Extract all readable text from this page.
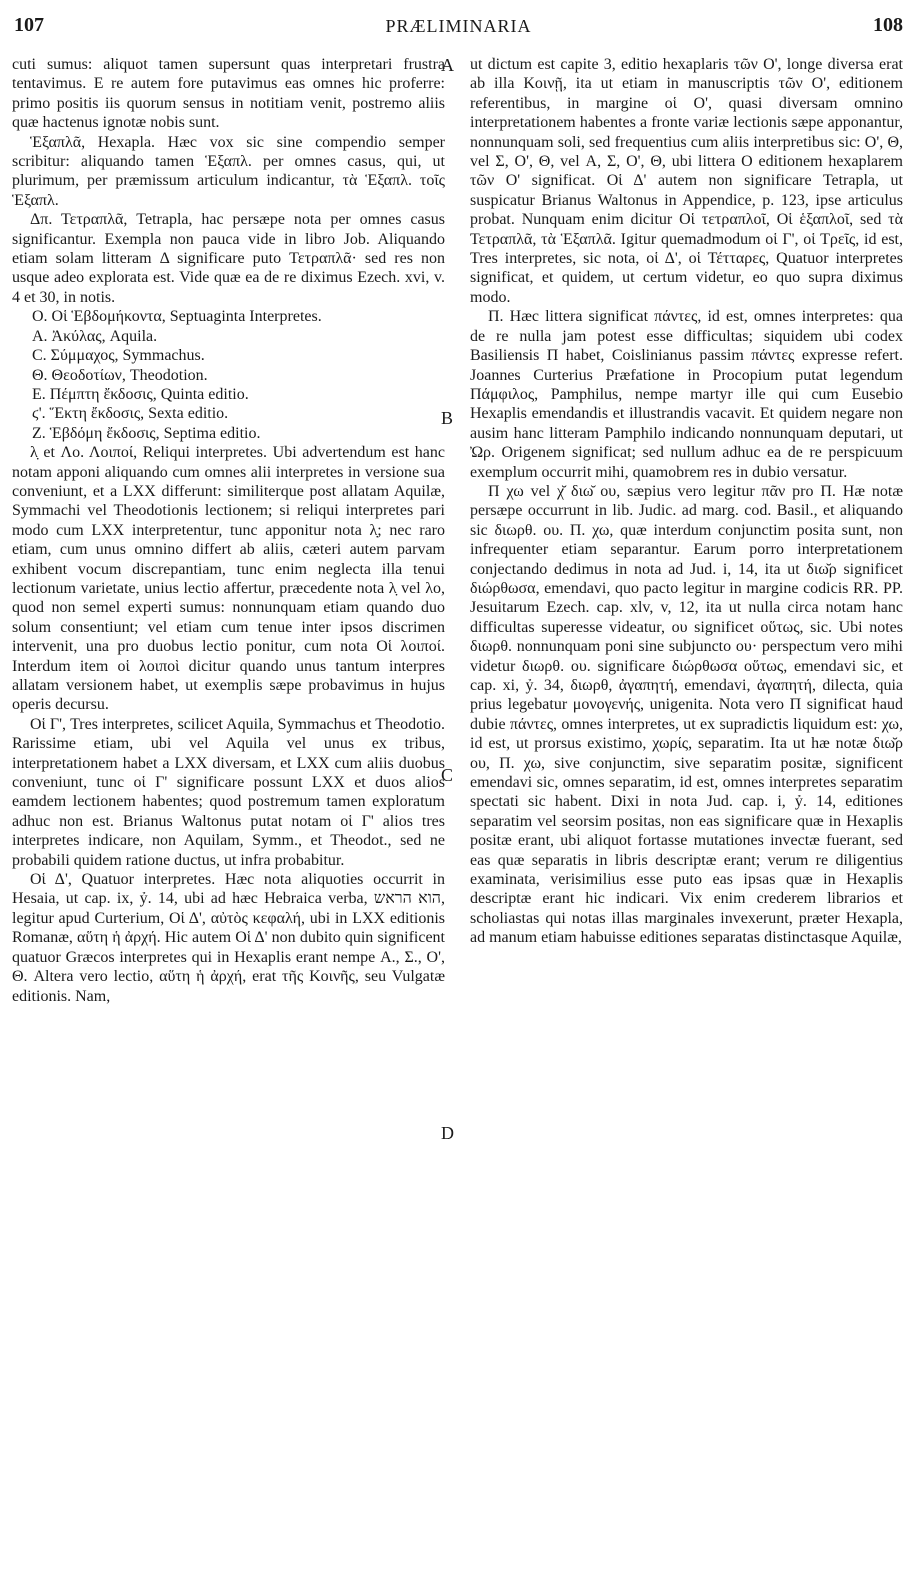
107	PRÆLIMINARIA	108

cuti sumus: aliquot tamen supersunt quas interpretari frustra tentavimus. E re autem fore putavimus eas omnes hic proferre: primo positis iis quorum sensus in notitiam venit, postremo aliis quæ hactenus ignotæ nobis sunt.

Ἑξαπλᾶ, Hexapla. Hæc vox sic sine compendio semper scribitur: aliquando tamen Ἑξαπλ. per omnes casus, qui, ut plurimum, per præmissum articulum indicantur, τὰ Ἑξαπλ. τοῖς Ἑξαπλ.

Δπ. Τετραπλᾶ, Tetrapla, hac persæpe nota per omnes casus significantur. Exempla non pauca vide in libro Job. Aliquando etiam solam litteram Δ significare puto Τετραπλᾶ· sed res non usque adeo explorata est. Vide quæ ea de re diximus Ezech. xvi, v. 4 et 30, in notis.

Ο. Οἱ Ἑβδομήκοντα, Septuaginta Interpretes.

Α. Ἀκύλας, Aquila.

C. Σύμμαχος, Symmachus.

Θ. Θεοδοτίων, Theodotion.

Ε. Πέμπτη ἔκδοσις, Quinta editio.

ϛ'. Ἕκτη ἔκδοσις, Sexta editio.

Ζ. Ἑβδόμη ἔκδοσις, Septima editio.

λ̣ et Λο. Λοιποί, Reliqui interpretes. Ubi advertendum est hanc notam apponi aliquando cum omnes alii interpretes in versione sua conveniunt, et a LXX differunt: similiterque post allatam Aquilæ, Symmachi vel Theodotionis lectionem; si reliqui interpretes pari modo cum LXX interpretentur, tunc apponitur nota λ̣; nec raro etiam, cum unus omnino differt ab aliis, cæteri autem parvam exhibent vocum discrepantiam, tunc enim neglecta illa tenui lectionum varietate, unius lectio affertur, præcedente nota λ̣ vel λο, quod non semel experti sumus: nonnunquam etiam quando duo solum consentiunt; vel etiam cum tenue inter ipsos discrimen intervenit, una pro duobus lectio ponitur, cum nota Οἱ λοιποί. Interdum item οἱ λοιποὶ dicitur quando unus tantum interpres allatam versionem habet, ut exemplis sæpe probavimus in hujus operis decursu.

Οἱ Γ', Tres interpretes, scilicet Aquila, Symmachus et Theodotio. Rarissime etiam, ubi vel Aquila vel unus ex tribus, interpretationem habet a LXX diversam, et LXX cum aliis duobus conveniunt, tunc οἱ Γ' significare possunt LXX et duos alios eamdem lectionem habentes; quod postremum tamen exploratum adhuc non est. Brianus Waltonus putat notam οἱ Γ' alios tres interpretes indicare, non Aquilam, Symm., et Theodot., sed ne probabili quidem ratione ductus, ut infra probabitur.

Οἱ Δ', Quatuor interpretes. Hæc nota aliquoties occurrit in Hesaia, ut cap. ix, ỷ. 14, ubi ad hæc Hebraica verba, הוא הראש, legitur apud Curterium, Οἱ Δ', αὐτὸς κεφαλή, ubi in LXX editionis Romanæ, αὕτη ἡ ἀρχή. Hic autem Οἱ Δ' non dubito quin significent quatuor Græcos interpretes qui in Hexaplis erant nempe Α., Σ., Ο', Θ. Altera vero lectio, αὕτη ἡ ἀρχή, erat τῆς Κοινῆς, seu Vulgatæ editionis. Nam,

A
B
C
D

ut dictum est capite 3, editio hexaplaris τῶν Ο', longe diversa erat ab illa Κοινῇ, ita ut etiam in manuscriptis τῶν Ο', editionem referentibus, in margine οἱ Ο', quasi diversam omnino interpretationem habentes a fronte variæ lectionis sæpe apponantur, nonnunquam soli, sed frequentius cum aliis interpretibus sic: Ο', Θ, vel Σ, Ο', Θ, vel Α, Σ, Ο', Θ, ubi littera Ο editionem hexaplarem τῶν Ο' significat. Οἱ Δ' autem non significare Tetrapla, ut suspicatur Brianus Waltonus in Appendice, p. 123, ipse articulus probat. Nunquam enim dicitur Οἱ τετραπλοῖ, Οἱ ἑξαπλοῖ, sed τὰ Τετραπλᾶ, τὰ Ἑξαπλᾶ. Igitur quemadmodum οἱ Γ', οἱ Τρεῖς, id est, Tres interpretes, sic nota, οἱ Δ', οἱ Τέτταρες, Quatuor interpretes significat, et quidem, ut certum videtur, eo quo supra diximus modo.

Π. Hæc littera significat πάντες, id est, omnes interpretes: qua de re nulla jam potest esse difficultas; siquidem ubi codex Basiliensis Π habet, Coislinianus passim πάντες expresse refert. Joannes Curterius Præfatione in Procopium putat legendum Πάμφιλος, Pamphilus, nempe martyr ille qui cum Eusebio Hexaplis emendandis et illustrandis vacavit. Et quidem negare non ausim hanc litteram Pamphilo indicando nonnunquam deputari, ut Ὠρ. Origenem significat; sed nullum adhuc ea de re perspicuum exemplum occurrit mihi, quamobrem res in dubio versatur.

Π χω vel χ̆ διω̆ ου, sæpius vero legitur πᾶν pro Π. Hæ notæ persæpe occurrunt in lib. Judic. ad marg. cod. Basil., et aliquando sic διωρθ. ου. Π. χω, quæ interdum conjunctim posita sunt, non infrequenter etiam separantur. Earum porro interpretationem conjectando dedimus in nota ad Jud. i, 14, ita ut διω̆ρ significet διώρθωσα, emendavi, quo pacto legitur in margine codicis RR. PP. Jesuitarum Ezech. cap. xlv, v, 12, ita ut nulla circa notam hanc difficultas superesse videatur, ου significet οὕτως, sic. Ubi notes διωρθ. nonnunquam poni sine subjuncto ου· perspectum vero mihi videtur διωρθ. ου. significare διώρθωσα οὕτως, emendavi sic, et cap. xi, ỷ. 34, διωρθ, ἀγαπητή, emendavi, ἀγαπητή, dilecta, quia prius legebatur μονογενής, unigenita. Nota vero Π significat haud dubie πάντες, omnes interpretes, ut ex supradictis liquidum est: χω, id est, ut prorsus existimo, χωρίς, separatim. Ita ut hæ notæ διω̆ρ ου, Π. χω, sive conjunctim, sive separatim positæ, significent emendavi sic, omnes separatim, id est, omnes interpretes separatim spectati sic habent. Dixi in nota Jud. cap. i, ỷ. 14, editiones separatim vel seorsim positas, non eas significare quæ in Hexaplis positæ erant, ubi aliquot fortasse mutationes invectæ fuerant, sed eas quæ separatis in libris descriptæ erant; verum re diligentius examinata, verisimilius esse puto eas ipsas quæ in Hexaplis descriptæ erant hic indicari. Vix enim crederem librarios et scholiastas qui notas illas marginales invexerunt, præter Hexapla, ad manum etiam habuisse editiones separatas distinctasque Aquilæ,
